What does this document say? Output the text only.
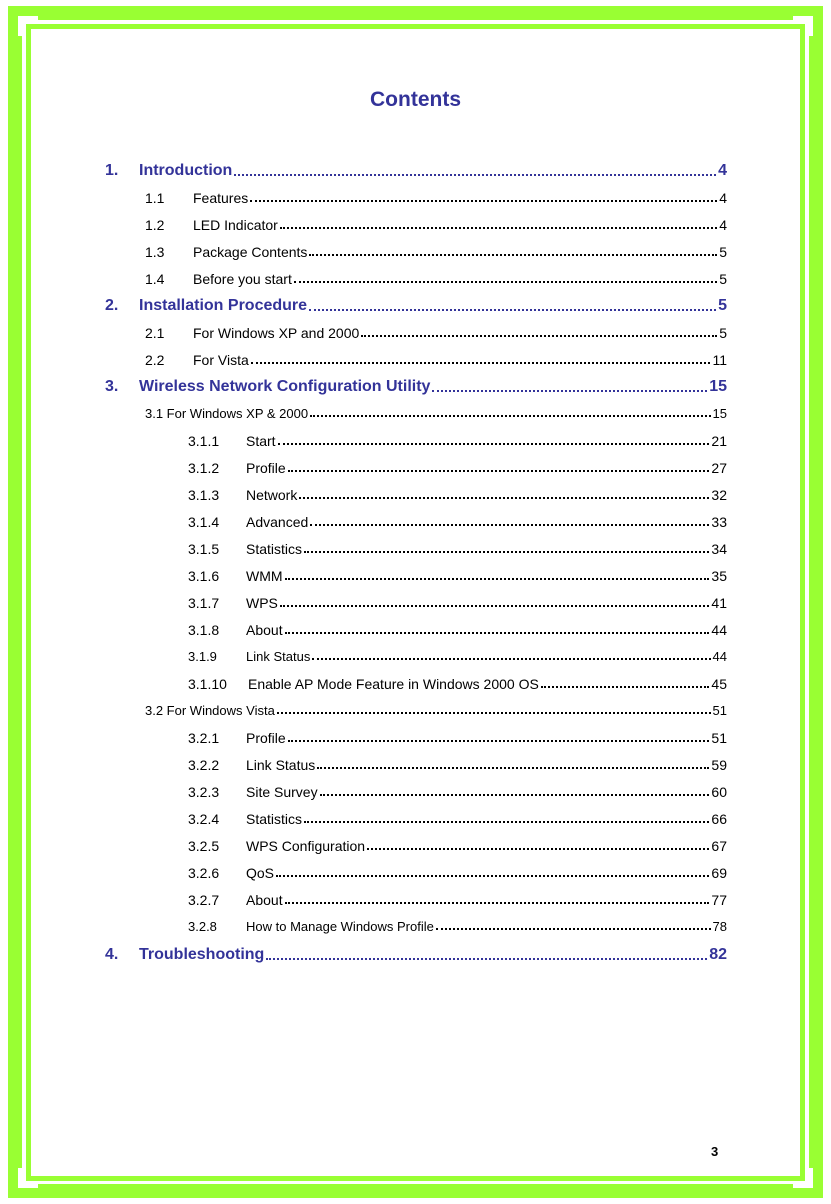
Contents
1.	Introduction	4
1.1	Features	4
1.2	LED Indicator	4
1.3	Package Contents	5
1.4	Before you start	5
2.	Installation Procedure	5
2.1	For Windows XP and 2000	5
2.2	For Vista	11
3.	Wireless Network Configuration Utility	15
3.1 For Windows XP & 2000	15
3.1.1	Start	21
3.1.2	Profile	27
3.1.3	Network	32
3.1.4	Advanced	33
3.1.5	Statistics	34
3.1.6	WMM	35
3.1.7	WPS	41
3.1.8	About	44
3.1.9	Link Status	44
3.1.10	Enable AP Mode Feature in Windows 2000 OS	45
3.2 For Windows Vista	51
3.2.1	Profile	51
3.2.2	Link Status	59
3.2.3	Site Survey	60
3.2.4	Statistics	66
3.2.5	WPS Configuration	67
3.2.6	QoS	69
3.2.7	About	77
3.2.8	How to Manage Windows Profile	78
4.	Troubleshooting	82
3
